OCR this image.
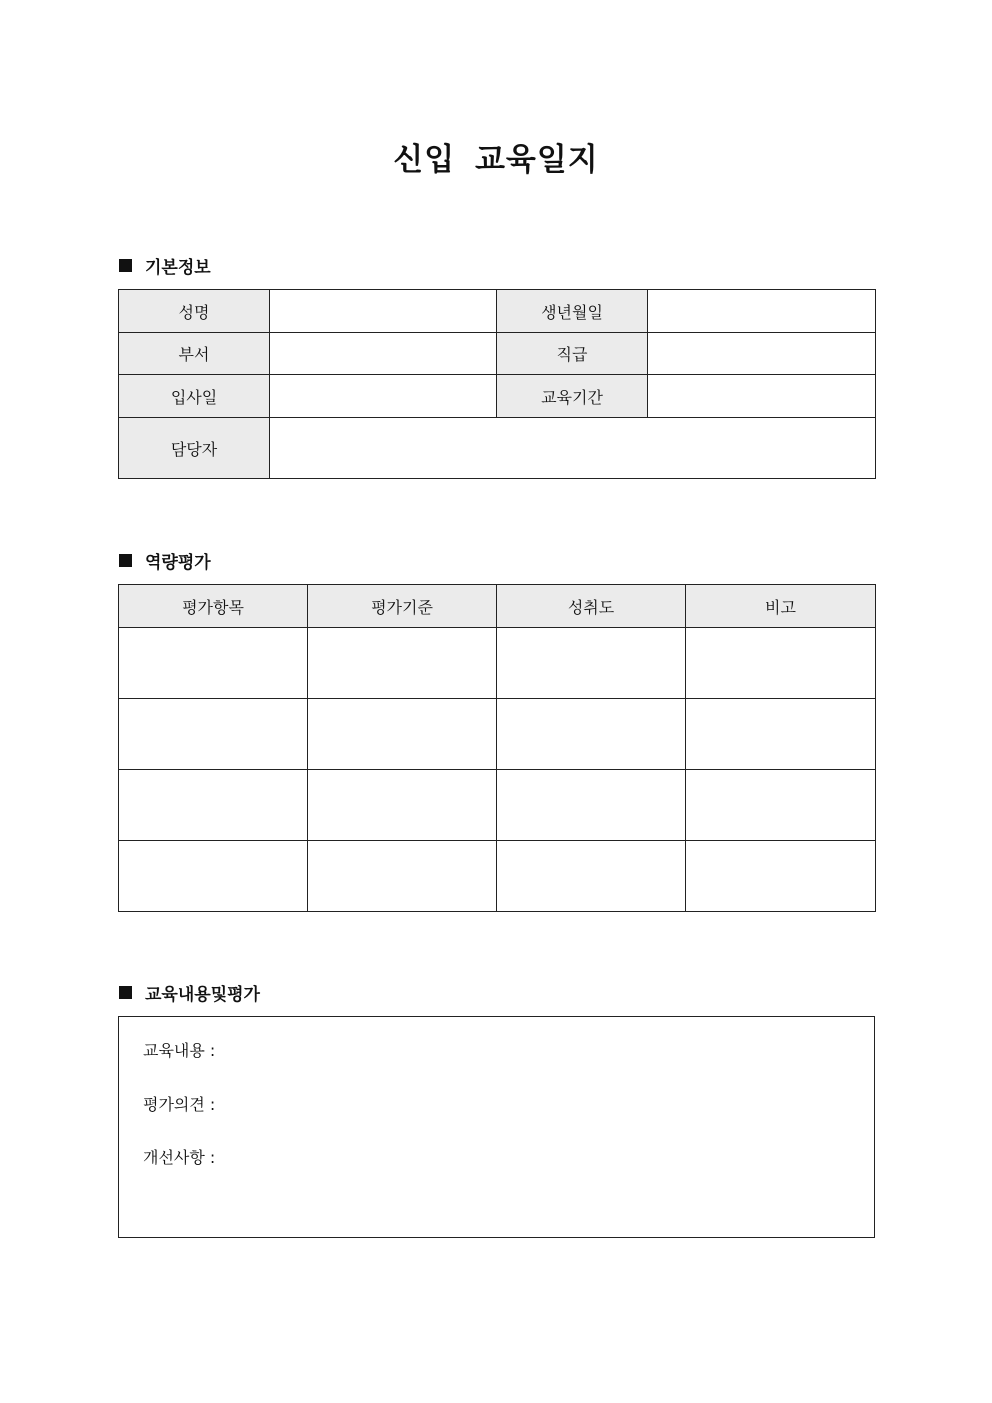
신입 교육일지
기본정보
성명		생년월일	
부서		직급	
입사일		교육기간	
담당자			
역량평가
평가항목	평가기준	성취도	비고

교육내용및평가
교육내용 :
평가의견 :
개선사항 :
